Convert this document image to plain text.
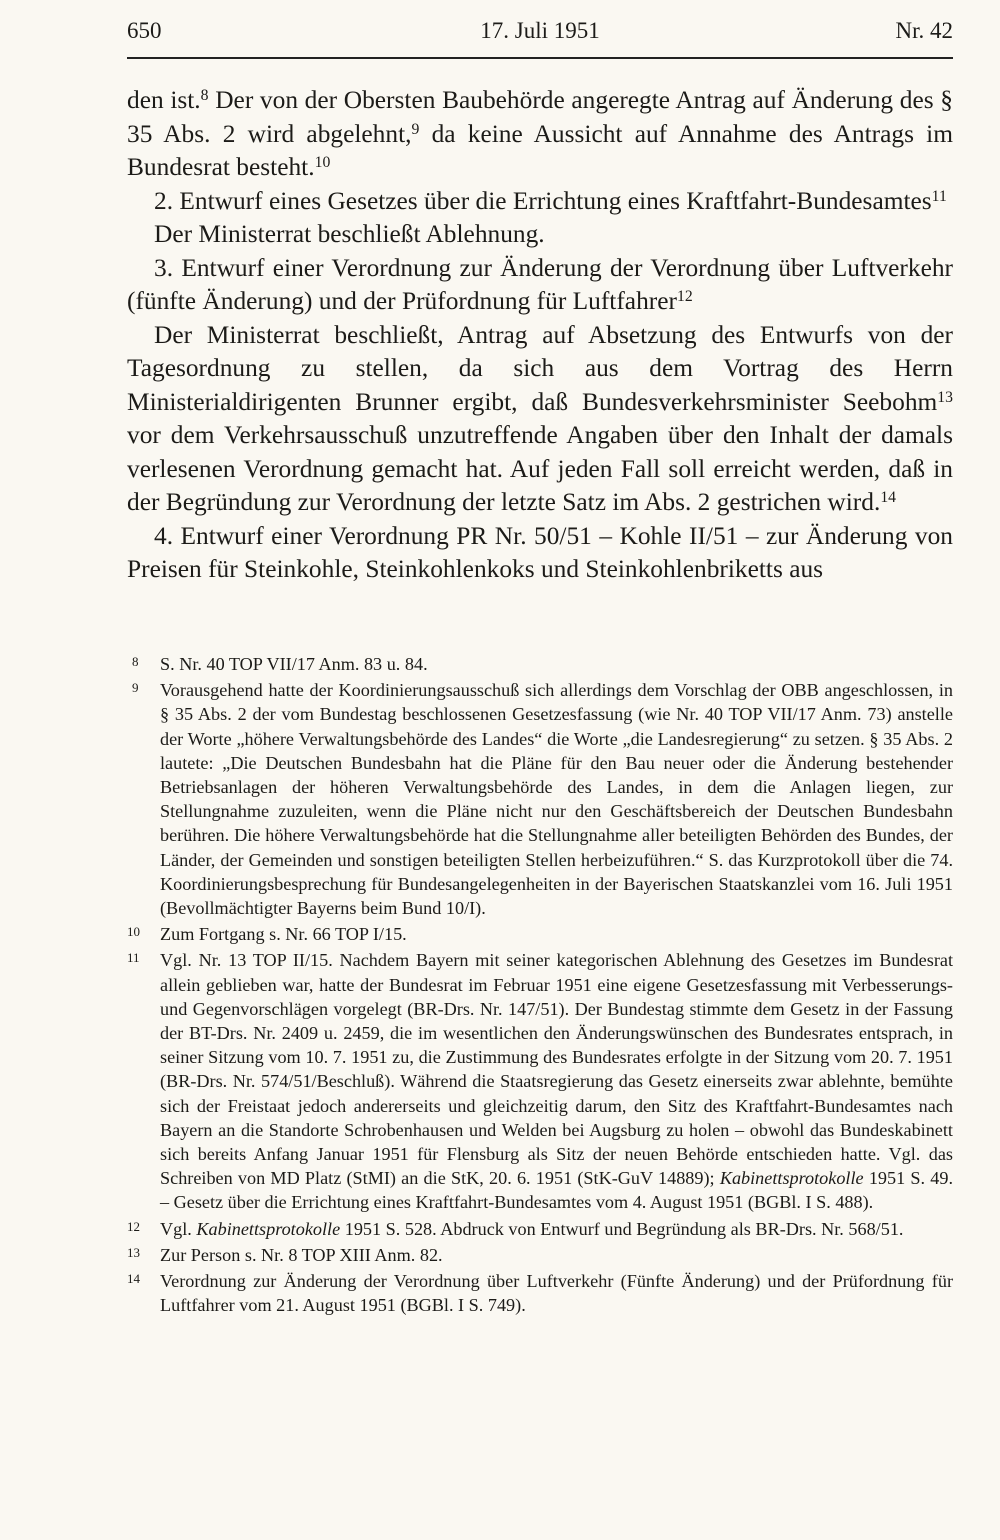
650	17. Juli 1951	Nr. 42

den ist.$^8$ Der von der Obersten Baubehörde angeregte Antrag auf Änderung des § 35 Abs. 2 wird abgelehnt,$^9$ da keine Aussicht auf Annahme des Antrags im Bundesrat besteht.$^{10}$

2. Entwurf eines Gesetzes über die Errichtung eines Kraftfahrt-Bundesamtes$^{11}$

Der Ministerrat beschließt Ablehnung.

3. Entwurf einer Verordnung zur Änderung der Verordnung über Luftverkehr (fünfte Änderung) und der Prüfordnung für Luftfahrer$^{12}$

Der Ministerrat beschließt, Antrag auf Absetzung des Entwurfs von der Tagesordnung zu stellen, da sich aus dem Vortrag des Herrn Ministerialdirigenten Brunner ergibt, daß Bundesverkehrsminister Seebohm$^{13}$ vor dem Verkehrsausschuß unzutreffende Angaben über den Inhalt der damals verlesenen Verordnung gemacht hat. Auf jeden Fall soll erreicht werden, daß in der Begründung zur Verordnung der letzte Satz im Abs. 2 gestrichen wird.$^{14}$

4. Entwurf einer Verordnung PR Nr. 50/51 – Kohle II/51 – zur Änderung von Preisen für Steinkohle, Steinkohlenkoks und Steinkohlenbriketts aus

8 S. Nr. 40 TOP VII/17 Anm. 83 u. 84.
9 Vorausgehend hatte der Koordinierungsausschuß sich allerdings dem Vorschlag der OBB angeschlossen, in § 35 Abs. 2 der vom Bundestag beschlossenen Gesetzesfassung (wie Nr. 40 TOP VII/17 Anm. 73) anstelle der Worte „höhere Verwaltungsbehörde des Landes“ die Worte „die Landesregierung“ zu setzen. § 35 Abs. 2 lautete: „Die Deutschen Bundesbahn hat die Pläne für den Bau neuer oder die Änderung bestehender Betriebsanlagen der höheren Verwaltungsbehörde des Landes, in dem die Anlagen liegen, zur Stellungnahme zuzuleiten, wenn die Pläne nicht nur den Geschäftsbereich der Deutschen Bundesbahn berühren. Die höhere Verwaltungsbehörde hat die Stellungnahme aller beteiligten Behörden des Bundes, der Länder, der Gemeinden und sonstigen beteiligten Stellen herbeizuführen.“ S. das Kurzprotokoll über die 74. Koordinierungsbesprechung für Bundesangelegenheiten in der Bayerischen Staatskanzlei vom 16. Juli 1951 (Bevollmächtigter Bayerns beim Bund 10/I).
10 Zum Fortgang s. Nr. 66 TOP I/15.
11 Vgl. Nr. 13 TOP II/15. Nachdem Bayern mit seiner kategorischen Ablehnung des Gesetzes im Bundesrat allein geblieben war, hatte der Bundesrat im Februar 1951 eine eigene Gesetzesfassung mit Verbesserungs- und Gegenvorschlägen vorgelegt (BR-Drs. Nr. 147/51). Der Bundestag stimmte dem Gesetz in der Fassung der BT-Drs. Nr. 2409 u. 2459, die im wesentlichen den Änderungswünschen des Bundesrates entsprach, in seiner Sitzung vom 10. 7. 1951 zu, die Zustimmung des Bundesrates erfolgte in der Sitzung vom 20. 7. 1951 (BR-Drs. Nr. 574/51/Beschluß). Während die Staatsregierung das Gesetz einerseits zwar ablehnte, bemühte sich der Freistaat jedoch andererseits und gleichzeitig darum, den Sitz des Kraftfahrt-Bundesamtes nach Bayern an die Standorte Schrobenhausen und Welden bei Augsburg zu holen – obwohl das Bundeskabinett sich bereits Anfang Januar 1951 für Flensburg als Sitz der neuen Behörde entschieden hatte. Vgl. das Schreiben von MD Platz (StMI) an die StK, 20. 6. 1951 (StK-GuV 14889); Kabinettsprotokolle 1951 S. 49. – Gesetz über die Errichtung eines Kraftfahrt-Bundesamtes vom 4. August 1951 (BGBl. I S. 488).
12 Vgl. Kabinettsprotokolle 1951 S. 528. Abdruck von Entwurf und Begründung als BR-Drs. Nr. 568/51.
13 Zur Person s. Nr. 8 TOP XIII Anm. 82.
14 Verordnung zur Änderung der Verordnung über Luftverkehr (Fünfte Änderung) und der Prüfordnung für Luftfahrer vom 21. August 1951 (BGBl. I S. 749).
